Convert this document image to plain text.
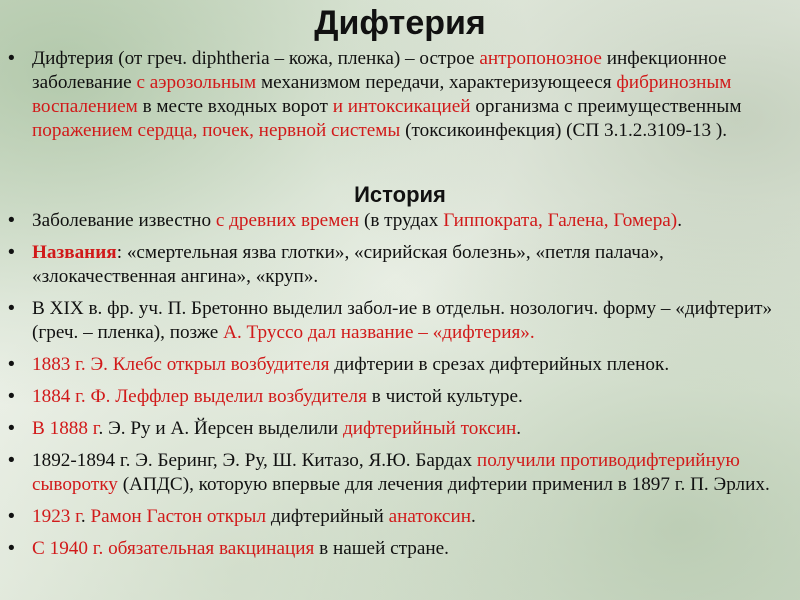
Дифтерия
• Дифтерия (от греч. diphtheria – кожа, пленка) – острое антропонозное инфекционное заболевание с аэрозольным механизмом передачи, характеризующееся фибринозным воспалением в месте входных ворот и интоксикацией организма с преимущественным поражением сердца, почек, нервной системы (токсикоинфекция) (СП 3.1.2.3109-13 ).
История
• Заболевание известно с древних времен (в трудах Гиппократа, Галена, Гомера).
• Названия: «смертельная язва глотки», «сирийская болезнь», «петля палача», «злокачественная ангина», «круп».
• В XIX в. фр. уч. П. Бретонно выделил забол-ие в отдельн. нозологич. форму – «дифтерит» (греч. – пленка), позже А. Труссо дал название – «дифтерия».
• 1883 г. Э. Клебс открыл возбудителя дифтерии в срезах дифтерийных пленок.
• 1884 г. Ф. Леффлер выделил возбудителя в чистой культуре.
• В 1888 г. Э. Ру и А. Йерсен выделили дифтерийный токсин.
• 1892-1894 г. Э. Беринг, Э. Ру, Ш. Китазо, Я.Ю. Бардах получили противодифтерийную сыворотку (АПДС), которую впервые для лечения дифтерии применил в 1897 г. П. Эрлих.
• 1923 г. Рамон Гастон открыл дифтерийный анатоксин.
• С 1940 г. обязательная вакцинация в нашей стране.
